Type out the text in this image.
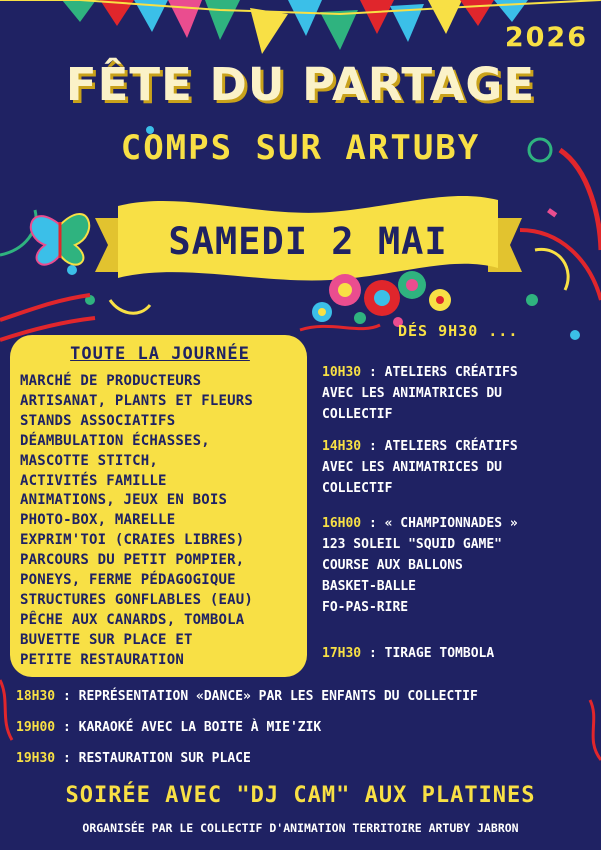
2026
FÊTE DU PARTAGE
COMPS SUR ARTUBY
SAMEDI 2 MAI
DÉS 9H30 ...
TOUTE LA JOURNÉE
MARCHÉ DE PRODUCTEURS
ARTISANAT, PLANTS ET FLEURS
STANDS ASSOCIATIFS
DÉAMBULATION ÉCHASSES,
MASCOTTE STITCH,
ACTIVITÉS FAMILLE
ANIMATIONS, JEUX EN BOIS
PHOTO-BOX, MARELLE
EXPRIM'TOI (CRAIES LIBRES)
PARCOURS DU PETIT POMPIER,
PONEYS, FERME PÉDAGOGIQUE
STRUCTURES GONFLABLES (EAU)
PÊCHE AUX CANARDS, TOMBOLA
BUVETTE SUR PLACE ET
PETITE RESTAURATION
10H30 : ATELIERS CRÉATIFS
AVEC LES ANIMATRICES DU
COLLECTIF
14H30 : ATELIERS CRÉATIFS
AVEC LES ANIMATRICES DU
COLLECTIF
16H00 : « CHAMPIONNADES »
123 SOLEIL "SQUID GAME"
COURSE AUX BALLONS
BASKET-BALLE
FO-PAS-RIRE
17H30 : TIRAGE TOMBOLA
18H30 : REPRÉSENTATION «DANCE» PAR LES ENFANTS DU COLLECTIF
19H00 : KARAOKÉ AVEC LA BOITE À MIE'ZIK
19H30 : RESTAURATION SUR PLACE
SOIRÉE AVEC "DJ CAM" AUX PLATINES
ORGANISÉE PAR LE COLLECTIF D'ANIMATION TERRITOIRE ARTUBY JABRON
